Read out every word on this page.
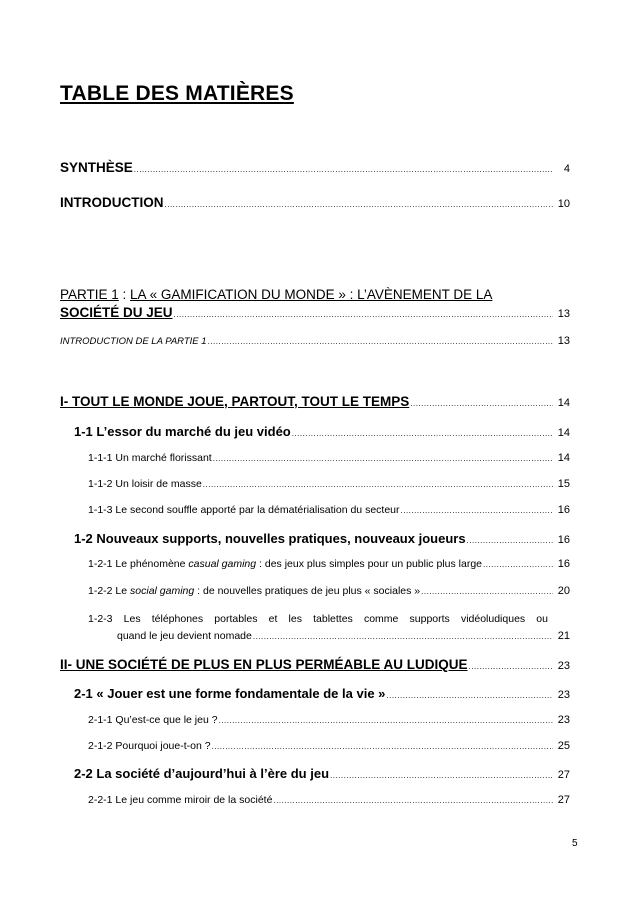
TABLE DES MATIÈRES
SYNTHÈSE .....	4
INTRODUCTION .....	10
PARTIE 1 : LA « GAMIFICATION DU MONDE » : L’AVÈNEMENT DE LA
SOCIÉTÉ DU JEU .....	13
INTRODUCTION DE LA PARTIE 1 .....	13
I- TOUT LE MONDE JOUE, PARTOUT, TOUT LE TEMPS .....	14
1-1 L’essor du marché du jeu vidéo .....	14
1-1-1 Un marché florissant .....	14
1-1-2 Un loisir de masse .....	15
1-1-3 Le second souffle apporté par la dématérialisation du secteur .....	16
1-2 Nouveaux supports, nouvelles pratiques, nouveaux joueurs .....	16
1-2-1 Le phénomène casual gaming : des jeux plus simples pour un public plus large .....	16
1-2-2 Le social gaming : de nouvelles pratiques de jeu plus « sociales » .....	20
1-2-3 Les téléphones portables et les tablettes comme supports vidéoludiques ou
quand le jeu devient nomade .....	21
II- UNE SOCIÉTÉ DE PLUS EN PLUS PERMÉABLE AU LUDIQUE .....	23
2-1 « Jouer est une forme fondamentale de la vie » .....	23
2-1-1 Qu’est-ce que le jeu ? .....	23
2-1-2 Pourquoi joue-t-on ? .....	25
2-2 La société d’aujourd’hui à l’ère du jeu .....	27
2-2-1 Le jeu comme miroir de la société .....	27
5
